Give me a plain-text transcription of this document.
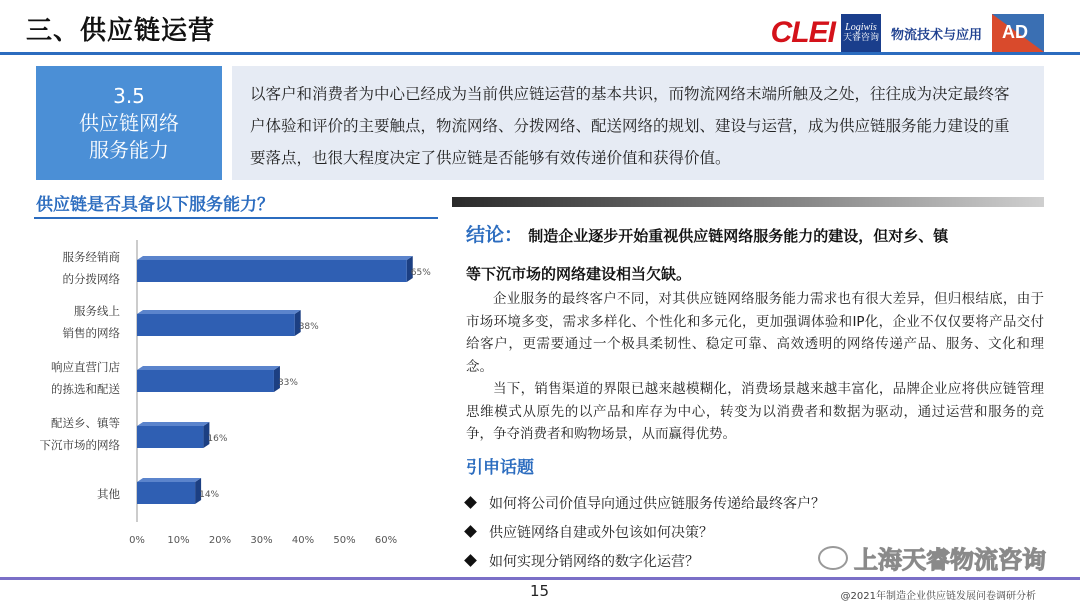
三、供应链运营	CLEI Logiwis
天睿咨询 物流技术与应用 AD
3.5
供应链网络
服务能力
以客户和消费者为中心已经成为当前供应链运营的基本共识，而物流网络末端所触及之处，往往成为决定最终客户体验和评价的主要触点，物流网络、分拨网络、配送网络的规划、建设与运营，成为供应链服务能力建设的重要落点，也很大程度决定了供应链是否能够有效传递价值和获得价值。
供应链是否具备以下服务能力？
65%
服务经销商
的分拨网络
38%
服务线上
销售的网络
33%
响应直营门店
的拣选和配送
16%
配送乡、镇等
下沉市场的网络
14%
其他
0% 10% 20% 30% 40% 50% 60%
结论： 制造企业逐步开始重视供应链网络服务能力的建设，但对乡、镇
等下沉市场的网络建设相当欠缺。

企业服务的最终客户不同，对其供应链网络服务能力需求也有很大差异，但归根结底，由于市场环境多变，需求多样化、个性化和多元化，更加强调体验和IP化，企业不仅仅要将产品交付给客户，更需要通过一个极具柔韧性、稳定可靠、高效透明的网络传递产品、服务、文化和理念。

当下，销售渠道的界限已越来越模糊化，消费场景越来越丰富化，品牌企业应将供应链管理思维模式从原先的以产品和库存为中心，转变为以消费者和数据为驱动，通过运营和服务的竞争，争夺消费者和购物场景，从而赢得优势。

引申话题
如何将公司价值导向通过供应链服务传递给最终客户？
供应链网络自建或外包该如何决策？
如何实现分销网络的数字化运营？	上海天睿物流咨询
15	@2021年制造企业供应链发展问卷调研分析
